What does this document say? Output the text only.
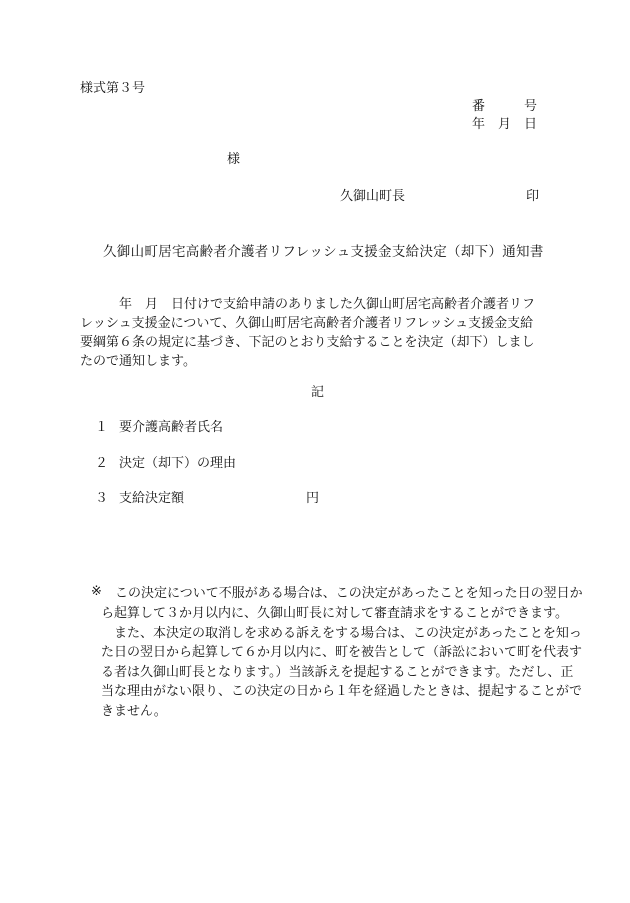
様式第３号
番　　　号
年　月　日
様
久御山町長	印
久御山町居宅高齢者介護者リフレッシュ支援金支給決定（却下）通知書
　　　年　月　日付けで支給申請のありました久御山町居宅高齢者介護者リフ
レッシュ支援金について、久御山町居宅高齢者介護者リフレッシュ支援金支給
要綱第６条の規定に基づき、下記のとおり支給することを決定（却下）しまし
たので通知します。
記
１ 要介護高齢者氏名
２ 決定（却下）の理由
３ 支給決定額	円
※ この決定について不服がある場合は、この決定があったことを知った日の翌日か
ら起算して３か月以内に、久御山町長に対して審査請求をすることができます。
　また、本決定の取消しを求める訴えをする場合は、この決定があったことを知っ
た日の翌日から起算して６か月以内に、町を被告として（訴訟において町を代表す
る者は久御山町長となります。）当該訴えを提起することができます。ただし、正
当な理由がない限り、この決定の日から１年を経過したときは、提起することがで
きません。
